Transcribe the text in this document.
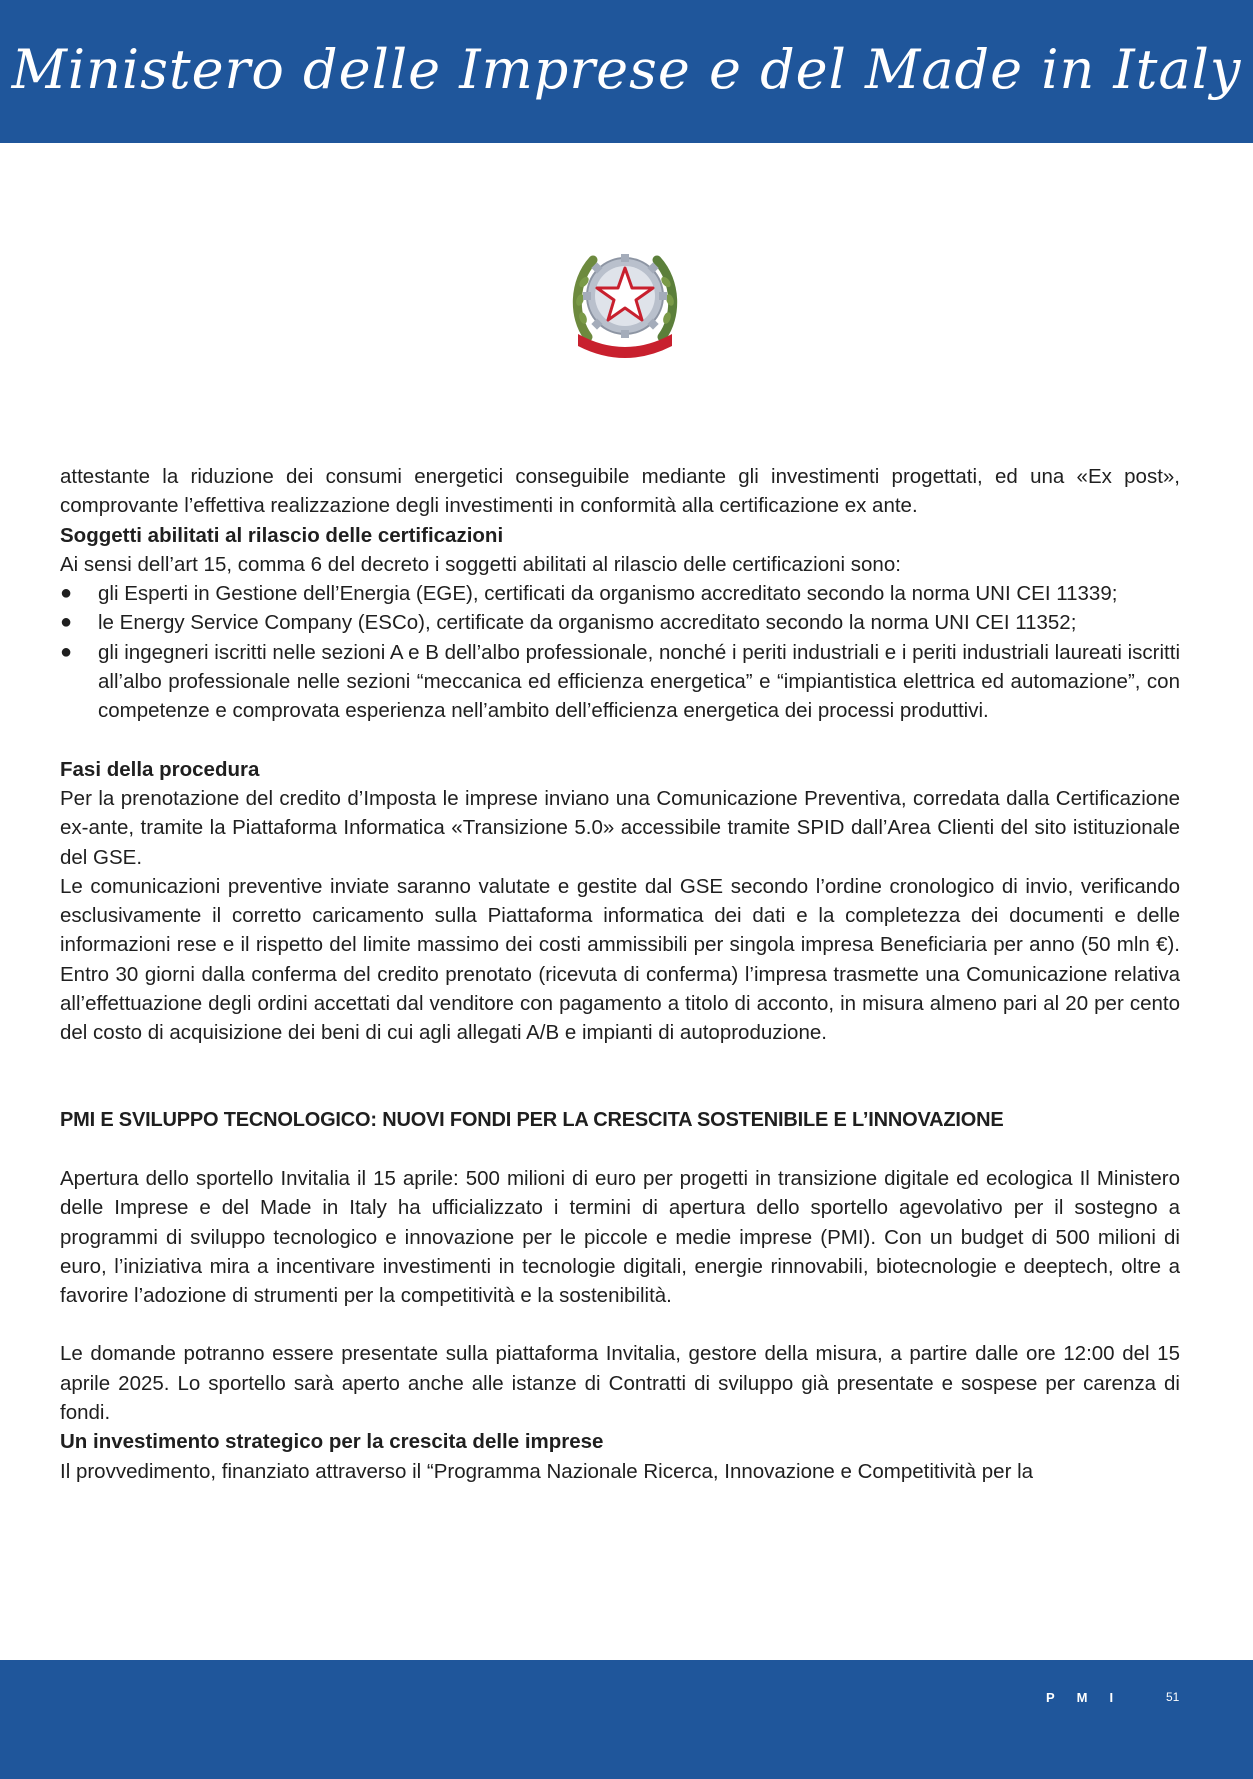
Ministero delle Imprese e del Made in Italy

attestante la riduzione dei consumi energetici conseguibile mediante gli investimenti progettati, ed una «Ex post», comprovante l’effettiva realizzazione degli investimenti in conformità alla certificazione ex ante.

Soggetti abilitati al rilascio delle certificazioni

Ai sensi dell’art 15, comma 6 del decreto i soggetti abilitati al rilascio delle certificazioni sono:

● gli Esperti in Gestione dell’Energia (EGE), certificati da organismo accreditato secondo la norma UNI CEI 11339;
● le Energy Service Company (ESCo), certificate da organismo accreditato secondo la norma UNI CEI 11352;
● gli ingegneri iscritti nelle sezioni A e B dell’albo professionale, nonché i periti industriali e i periti industriali laureati iscritti all’albo professionale nelle sezioni “meccanica ed efficienza energetica” e “impiantistica elettrica ed automazione”, con competenze e comprovata esperienza nell’ambito dell’efficienza energetica dei processi produttivi.
Fasi della procedura

Per la prenotazione del credito d’Imposta le imprese inviano una Comunicazione Preventiva, corredata dalla Certificazione ex-ante, tramite la Piattaforma Informatica «Transizione 5.0» accessibile tramite SPID dall’Area Clienti del sito istituzionale del GSE.

Le comunicazioni preventive inviate saranno valutate e gestite dal GSE secondo l’ordine cronologico di invio, verificando esclusivamente il corretto caricamento sulla Piattaforma informatica dei dati e la completezza dei documenti e delle informazioni rese e il rispetto del limite massimo dei costi ammissibili per singola impresa Beneficiaria per anno (50 mln €). Entro 30 giorni dalla conferma del credito prenotato (ricevuta di conferma) l’impresa trasmette una Comunicazione relativa all’effettuazione degli ordini accettati dal venditore con pagamento a titolo di acconto, in misura almeno pari al 20 per cento del costo di acquisizione dei beni di cui agli allegati A/B e impianti di autoproduzione.

PMI E SVILUPPO TECNOLOGICO: NUOVI FONDI PER LA CRESCITA SOSTENIBILE E L’INNOVAZIONE

Apertura dello sportello Invitalia il 15 aprile: 500 milioni di euro per progetti in transizione digitale ed ecologica Il Ministero delle Imprese e del Made in Italy ha ufficializzato i termini di apertura dello sportello agevolativo per il sostegno a programmi di sviluppo tecnologico e innovazione per le piccole e medie imprese (PMI). Con un budget di 500 milioni di euro, l’iniziativa mira a incentivare investimenti in tecnologie digitali, energie rinnovabili, biotecnologie e deeptech, oltre a favorire l’adozione di strumenti per la competitività e la sostenibilità.

Le domande potranno essere presentate sulla piattaforma Invitalia, gestore della misura, a partire dalle ore 12:00 del 15 aprile 2025. Lo sportello sarà aperto anche alle istanze di Contratti di sviluppo già presentate e sospese per carenza di fondi.

Un investimento strategico per la crescita delle imprese

Il provvedimento, finanziato attraverso il “Programma Nazionale Ricerca, Innovazione e Competitività per la

PMI	51
